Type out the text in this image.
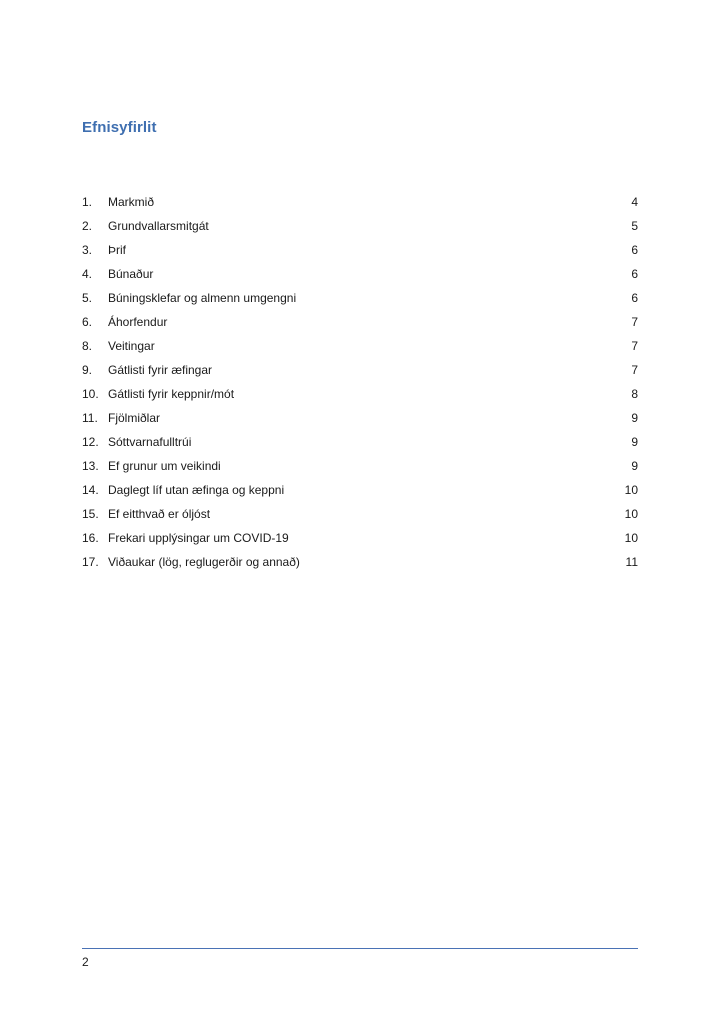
Efnisyfirlit
1. Markmið	4
2. Grundvallarsmitgát	5
3. Þrif	6
4. Búnaður	6
5. Búningsklefar og almenn umgengni	6
6. Áhorfendur	7
8. Veitingar	7
9. Gátlisti fyrir æfingar	7
10. Gátlisti fyrir keppnir/mót	8
11. Fjölmiðlar	9
12. Sóttvarnafulltrúi	9
13. Ef grunur um veikindi	9
14. Daglegt líf utan æfinga og keppni	10
15. Ef eitthvað er óljóst	10
16. Frekari upplýsingar um COVID-19	10
17. Viðaukar (lög, reglugerðir og annað)	11
2
